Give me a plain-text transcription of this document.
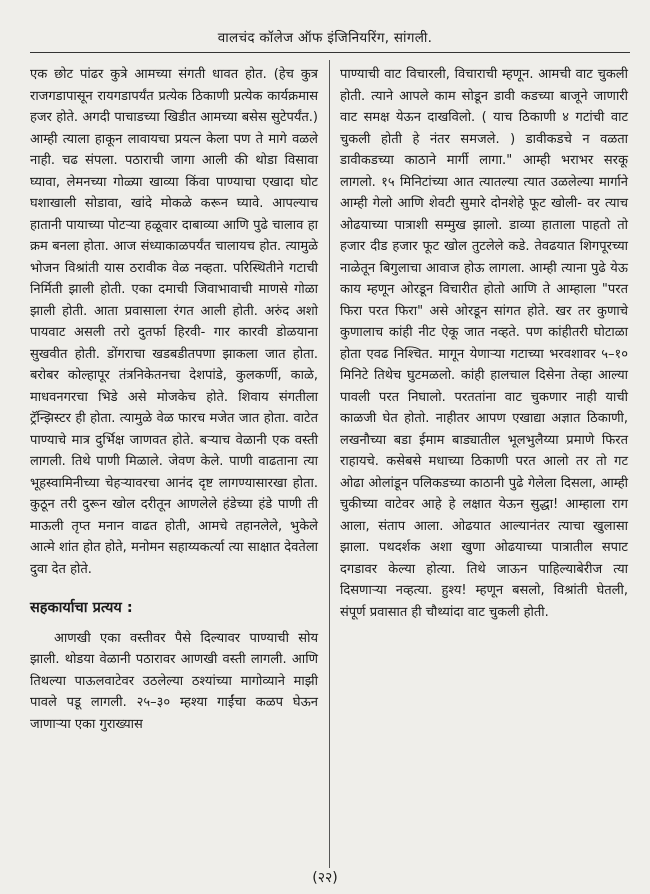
वालचंद कॉलेज ऑफ इंजिनियरिंग, सांगली.

एक छोट पांढर कुत्रे आमच्या संगती धावत होत. (हेच कुत्र राजगडापासून रायगडापर्यंत प्रत्येक ठिकाणी प्रत्येक कार्यक्रमास हजर होते. अगदी पाचाडच्या खिडीत आमच्या बसेस सुटेपर्यंत.) आम्ही त्याला हाकून लावायचा प्रयत्न केला पण ते मागे वळले नाही. चढ संपला. पठाराची जागा आली की थोडा विसावा घ्यावा, लेमनच्या गोळ्या खाव्या किंवा पाण्याचा एखादा घोट घशाखाली सोडावा, खांदे मोकळे करून घ्यावे. आपल्याच हातानी पायाच्या पोटऱ्या हळूवार दाबाव्या आणि पुढे चालाव हा क्रम बनला होता. आज संध्याकाळपर्यंत चालायच होत. त्यामुळे भोजन विश्रांती यास ठरावीक वेळ नव्हता. परिस्थितीने गटाची निर्मिती झाली होती. एका दमाची जिवाभावाची माणसे गोळा झाली होती. आता प्रवासाला रंगत आली होती. अरुंद अशो पायवाट असली तरो दुतर्फा हिरवी- गार कारवी डोळयाना सुखवीत होती. डोंगराचा खडबडीतपणा झाकला जात होता. बरोबर कोल्हापूर तंत्रनिकेतनचा देशपांडे, कुलकर्णी, काळे, माधवनगरचा भिडे असे मोजकेच होते. शिवाय संगतीला ट्रॅन्झिस्टर ही होता. त्यामुळे वेळ फारच मजेत जात होता. वाटेत पाण्याचे मात्र दुर्भिक्ष जाणवत होते. बऱ्याच वेळानी एक वस्ती लागली. तिथे पाणी मिळाले. जेवण केले. पाणी वाढताना त्या भूहस्वामिनीच्या चेहऱ्यावरचा आनंद दृष्ट लागण्यासारखा होता. कुठून तरी दुरून खोल दरीतून आणलेले हंडेच्या हंडे पाणी ती माऊली तृप्त मनान वाढत होती, आमचे तहानलेले, भुकेले आत्मे शांत होत होते, मनोमन सहाय्यकर्त्या त्या साक्षात देवतेला दुवा देत होते.

सहकार्याचा प्रत्यय :

आणखी एका वस्तीवर पैसे दिल्यावर पाण्याची सोय झाली. थोडया वेळानी पठारावर आणखी वस्ती लागली. आणि तिथल्या पाऊलवाटेवर उठलेल्या ठश्यांच्या मागोव्याने माझी पावले पडू लागली. २५–३० म्हश्या गाईंचा कळप घेऊन जाणाऱ्या एका गुराख्यास

पाण्याची वाट विचारली, विचाराची म्हणून. आमची वाट चुकली होती. त्याने आपले काम सोडून डावी कडच्या बाजूने जाणारी वाट समक्ष येऊन दाखविलो. ( याच ठिकाणी ४ गटांची वाट चुकली होती हे नंतर समजले. ) डावीकडचे न वळता डावीकडच्या काठाने मार्गी लागा." आम्ही भराभर सरकू लागलो. १५ मिनिटांच्या आत त्यातल्या त्यात उळलेल्या मार्गाने आम्ही गेलो आणि शेवटी सुमारे दोनशेहे फूट खोली- वर त्याच ओढयाच्या पात्राशी सम्मुख झालो. डाव्या हाताला पाहतो तो हजार दीड हजार फूट खोल तुटलेले कडे. तेवढयात शिगपूरच्या नाळेतून बिगुलाचा आवाज होऊ लागला. आम्ही त्याना पुढे येऊ काय म्हणून ओरडून विचारीत होतो आणि ते आम्हाला "परत फिरा परत फिरा" असे ओरडून सांगत होते. खर तर कुणाचे कुणालाच कांही नीट ऐकू जात नव्हते. पण कांहीतरी घोटाळा होता एवढ निश्चित. मागून येणाऱ्या गटाच्या भरवशावर ५–१० मिनिटे तिथेच घुटमळलो. कांही हालचाल दिसेना तेव्हा आल्या पावली परत निघालो. परततांना वाट चुकणार नाही याची काळजी घेत होतो. नाहीतर आपण एखाद्या अज्ञात ठिकाणी, लखनौच्या बडा ईमाम बाड्यातील भूलभुलैय्या प्रमाणे फिरत राहायचे. कसेबसे मधाच्या ठिकाणी परत आलो तर तो गट ओढा ओलांडून पलिकडच्या काठानी पुढे गेलेला दिसला, आम्ही चुकीच्या वाटेवर आहे हे लक्षात येऊन सुद्धा! आम्हाला राग आला, संताप आला. ओढयात आल्यानंतर त्याचा खुलासा झाला. पथदर्शक अशा खुणा ओढयाच्या पात्रातील सपाट दगडावर केल्या होत्या. तिथे जाऊन पाहिल्याबेरीज त्या दिसणाऱ्या नव्हत्या. हुश्य! म्हणून बसलो, विश्रांती घेतली, संपूर्ण प्रवासात ही चौथ्यांदा वाट चुकली होती.

(२२)
